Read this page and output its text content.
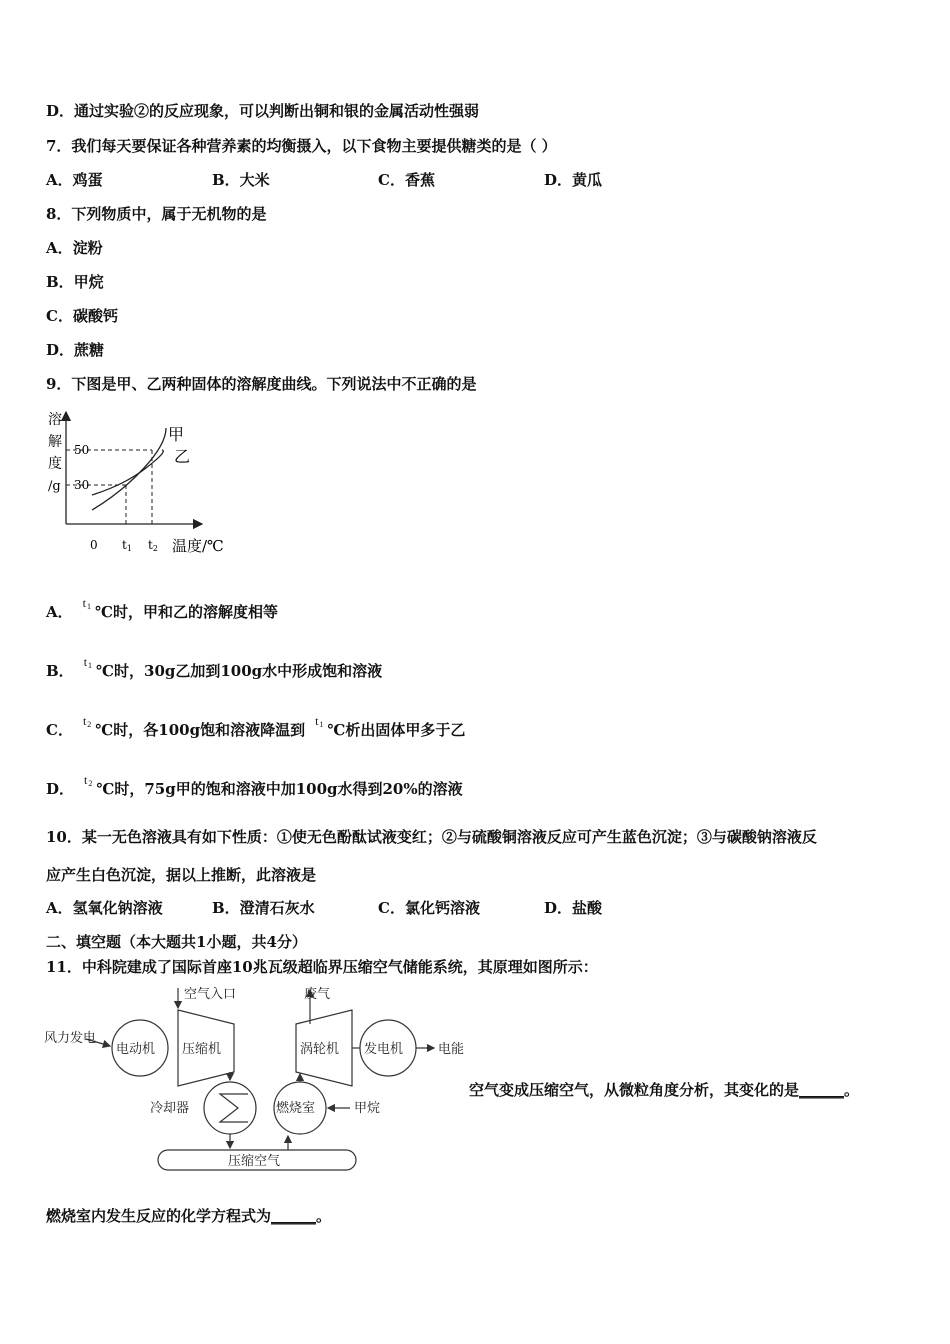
D．通过实验②的反应现象，可以判断出铜和银的金属活动性强弱
7．我们每天要保证各种营养素的均衡摄入，以下食物主要提供糖类的是（ ）
A．鸡蛋	B．大米	C．香蕉	D．黄瓜
8．下列物质中，属于无机物的是
A．淀粉
B．甲烷
C．碳酸钙
D．蔗糖
9．下图是甲、乙两种固体的溶解度曲线。下列说法中不正确的是
溶
解
度
/g
50
30
0 t1 t2 温度/℃
甲
乙
A． $^{t1}$ ℃时，甲和乙的溶解度相等
B． $^{t1}$ ℃时，30g乙加到100g水中形成饱和溶液
C． $^{t2}$ ℃时，各100g饱和溶液降温到 $^{t1}$ ℃析出固体甲多于乙
D． $^{t2}$ ℃时，75g甲的饱和溶液中加100g水得到20%的溶液
10．某一无色溶液具有如下性质：①使无色酚酞试液变红；②与硫酸铜溶液反应可产生蓝色沉淀；③与碳酸钠溶液反
应产生白色沉淀，据以上推断，此溶液是
A．氢氧化钠溶液	B．澄清石灰水	C．氯化钙溶液	D．盐酸
二、填空题（本大题共1小题，共4分）
11．中科院建成了国际首座10兆瓦级超临界压缩空气储能系统，其原理如图所示：
风力发电
电动机 压缩机
空气入口
冷却器
废气
涡轮机 发电机	电能
燃烧室	甲烷
压缩空气
空气变成压缩空气，从微粒角度分析，其变化的是______。
燃烧室内发生反应的化学方程式为______。
